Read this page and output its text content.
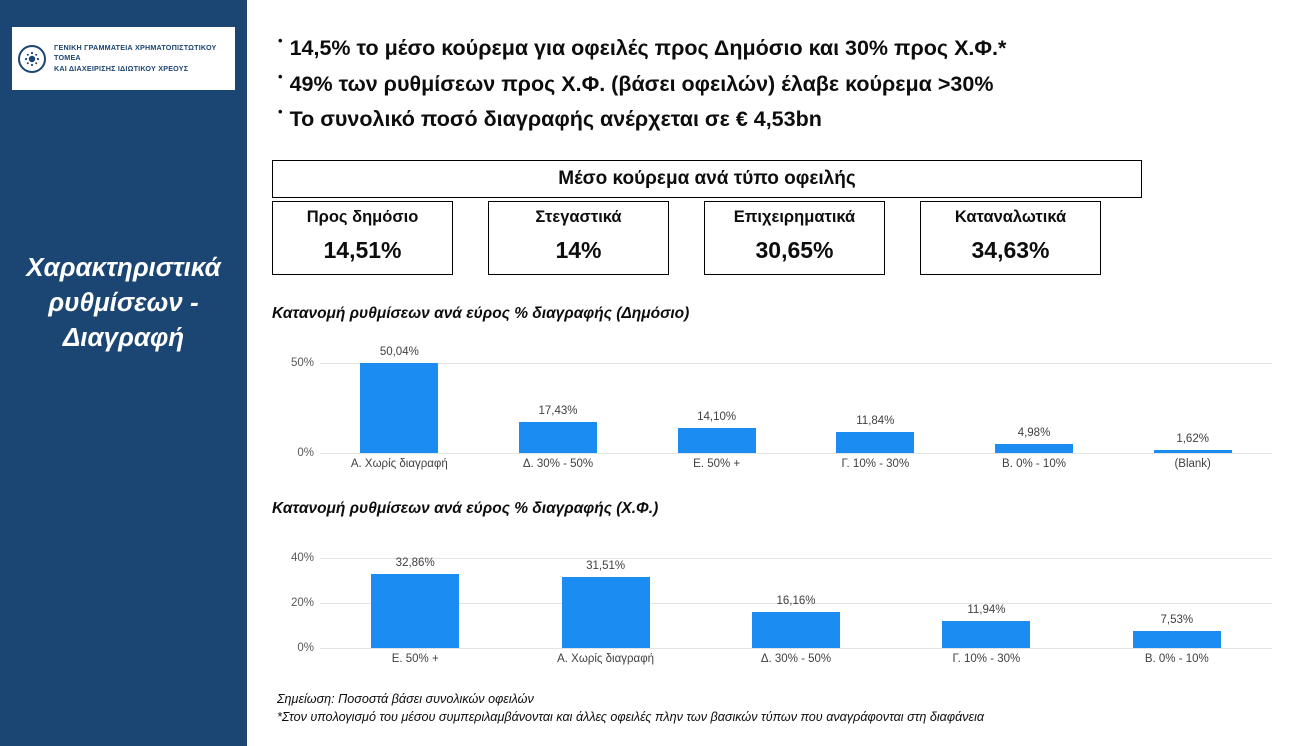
ΓΕΝΙΚΗ ΓΡΑΜΜΑΤΕΙΑ ΧΡΗΜΑΤΟΠΙΣΤΩΤΙΚΟΥ ΤΟΜΕΑ
ΚΑΙ ΔΙΑΧΕΙΡΙΣΗΣ ΙΔΙΩΤΙΚΟΥ ΧΡΕΟΥΣ
Χαρακτηριστικά ρυθμίσεων - Διαγραφή
• 14,5% το μέσο κούρεμα για οφειλές προς Δημόσιο και 30% προς Χ.Φ.*
• 49% των ρυθμίσεων προς Χ.Φ. (βάσει οφειλών) έλαβε κούρεμα >30%
• Το συνολικό ποσό διαγραφής ανέρχεται σε € 4,53bn
Μέσο κούρεμα ανά τύπο οφειλής
Προς δημόσιο
14,51%
Στεγαστικά
14%
Επιχειρηματικά
30,65%
Καταναλωτικά
34,63%
Κατανομή ρυθμίσεων ανά εύρος % διαγραφής (Δημόσιο)
0%
50%
50,04%
Α. Χωρίς διαγραφή
17,43%
Δ. 30% - 50%
14,10%
Ε. 50% +
11,84%
Γ. 10% - 30%
4,98%
Β. 0% - 10%
1,62%
(Blank)
Κατανομή ρυθμίσεων ανά εύρος % διαγραφής (Χ.Φ.)
0%
20%
40%	32,86%
Ε. 50% +
31,51%
Α. Χωρίς διαγραφή
16,16%
Δ. 30% - 50%
11,94%
Γ. 10% - 30%
7,53%
Β. 0% - 10%
Σημείωση: Ποσοστά βάσει συνολικών οφειλών
*Στον υπολογισμό του μέσου συμπεριλαμβάνονται και άλλες οφειλές πλην των βασικών τύπων που αναγράφονται στη διαφάνεια
